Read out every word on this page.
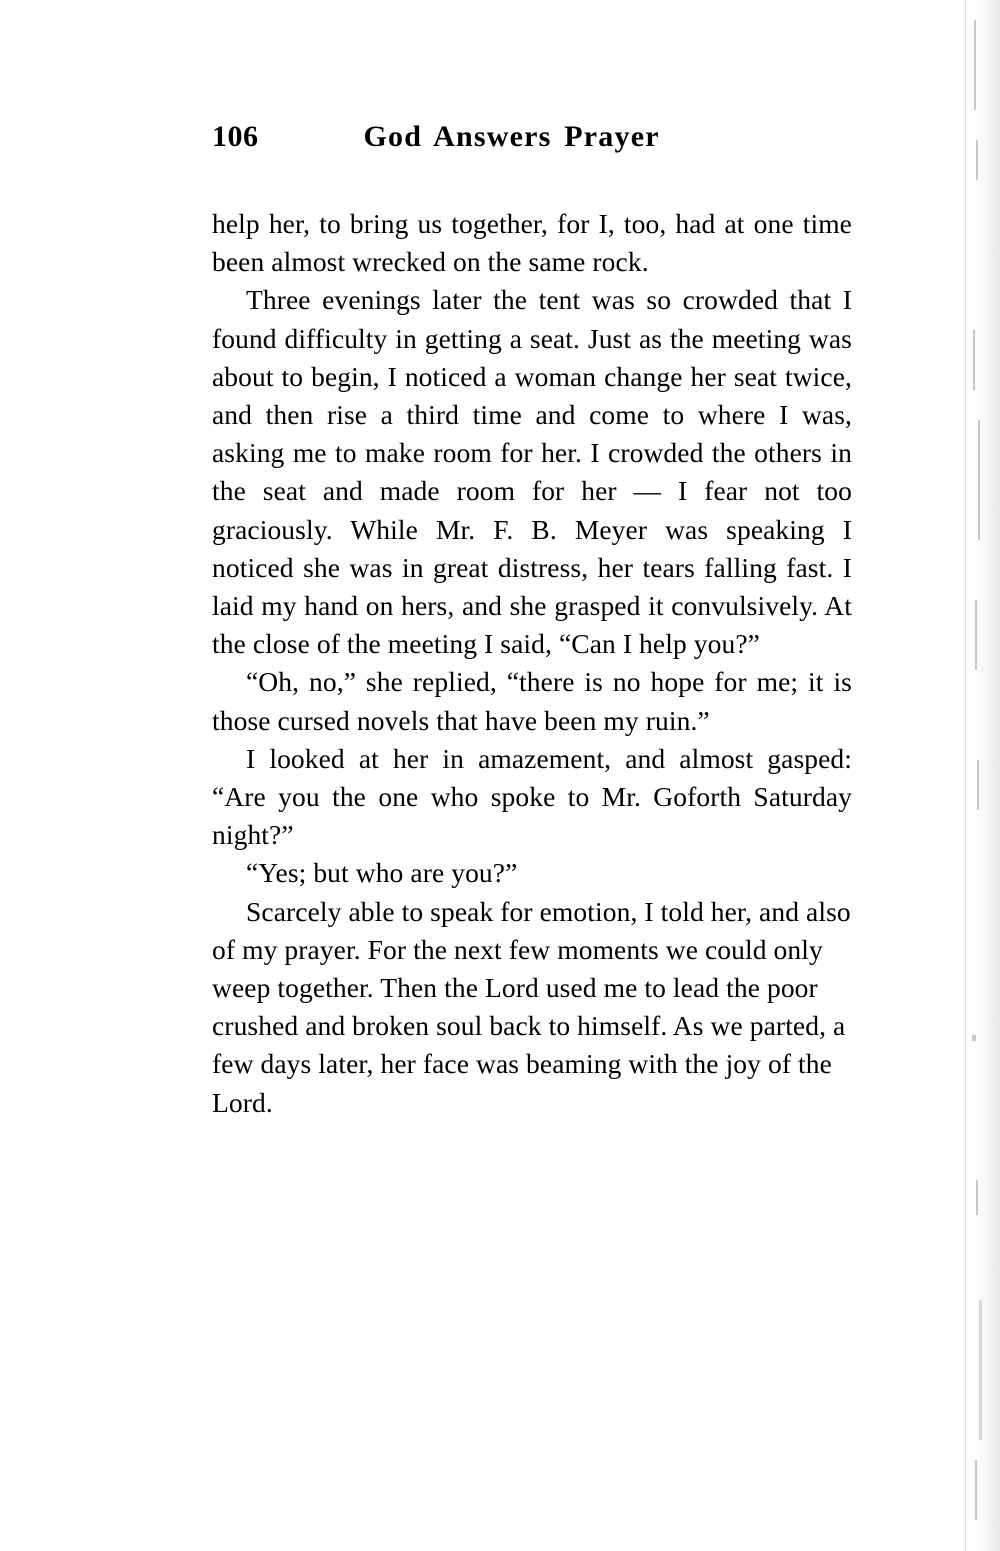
106	God Answers Prayer

help her, to bring us together, for I, too, had at one time been almost wrecked on the same rock.

Three evenings later the tent was so crowded that I found difficulty in getting a seat. Just as the meeting was about to begin, I noticed a woman change her seat twice, and then rise a third time and come to where I was, asking me to make room for her. I crowded the others in the seat and made room for her — I fear not too graciously. While Mr. F. B. Meyer was speaking I noticed she was in great distress, her tears falling fast. I laid my hand on hers, and she grasped it convulsively. At the close of the meeting I said, “Can I help you?”

“Oh, no,” she replied, “there is no hope for me; it is those cursed novels that have been my ruin.”

I looked at her in amazement, and almost gasped: “Are you the one who spoke to Mr. Goforth Saturday night?”

“Yes; but who are you?”

Scarcely able to speak for emotion, I told her, and also of my prayer. For the next few moments we could only weep together. Then the Lord used me to lead the poor crushed and broken soul back to himself. As we parted, a few days later, her face was beaming with the joy of the Lord.
